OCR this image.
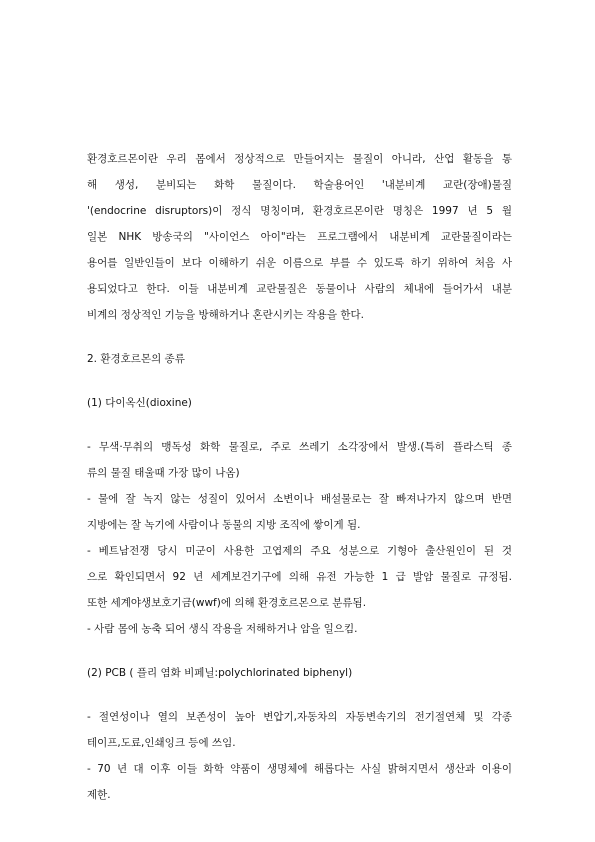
환경호르몬이란 우리 몸에서 정상적으로 만들어지는 물질이 아니라, 산업 활동을 통
해 생성, 분비되는 화학 물질이다. 학술용어인 '내분비계 교란(장애)물질
'(endocrine disruptors)이 정식 명칭이며, 환경호르몬이란 명칭은 1997 년 5 월
일본 NHK 방송국의 "사이언스 아이"라는 프로그램에서 내분비계 교란물질이라는
용어를 일반인들이 보다 이해하기 쉬운 이름으로 부를 수 있도록 하기 위하여 처음 사
용되었다고 한다. 이들 내분비계 교란물질은 동물이나 사람의 체내에 들어가서 내분
비계의 정상적인 기능을 방해하거나 혼란시키는 작용을 한다.
2. 환경호르몬의 종류
(1) 다이옥신(dioxine)
- 무색·무취의 맹독성 화학 물질로, 주로 쓰레기 소각장에서 발생.(특히 플라스틱 종
류의 물질 태울때 가장 많이 나옴)
- 물에 잘 녹지 않는 성질이 있어서 소변이나 배설물로는 잘 빠져나가지 않으며 반면
지방에는 잘 녹기에 사람이나 동물의 지방 조직에 쌓이게 됨.
- 베트남전쟁 당시 미군이 사용한 고엽제의 주요 성분으로 기형아 출산원인이 된 것
으로 확인되면서 92 년 세계보건기구에 의해 유전 가능한 1 급 발암 물질로 규정됨.
또한 세계야생보호기금(wwf)에 의해 환경호르몬으로 분류됨.
- 사람 몸에 농축 되어 생식 작용을 저해하거나 암을 일으킴.
(2) PCB ( 플리 염화 비페닐:polychlorinated biphenyl)
- 절연성이나 열의 보존성이 높아 변압기,자동차의 자동변속기의 전기절연체 및 각종
테이프,도료,인쇄잉크 등에 쓰임.
- 70 년 대 이후 이들 화학 약품이 생명체에 해롭다는 사실 밝혀지면서 생산과 이용이
제한.
